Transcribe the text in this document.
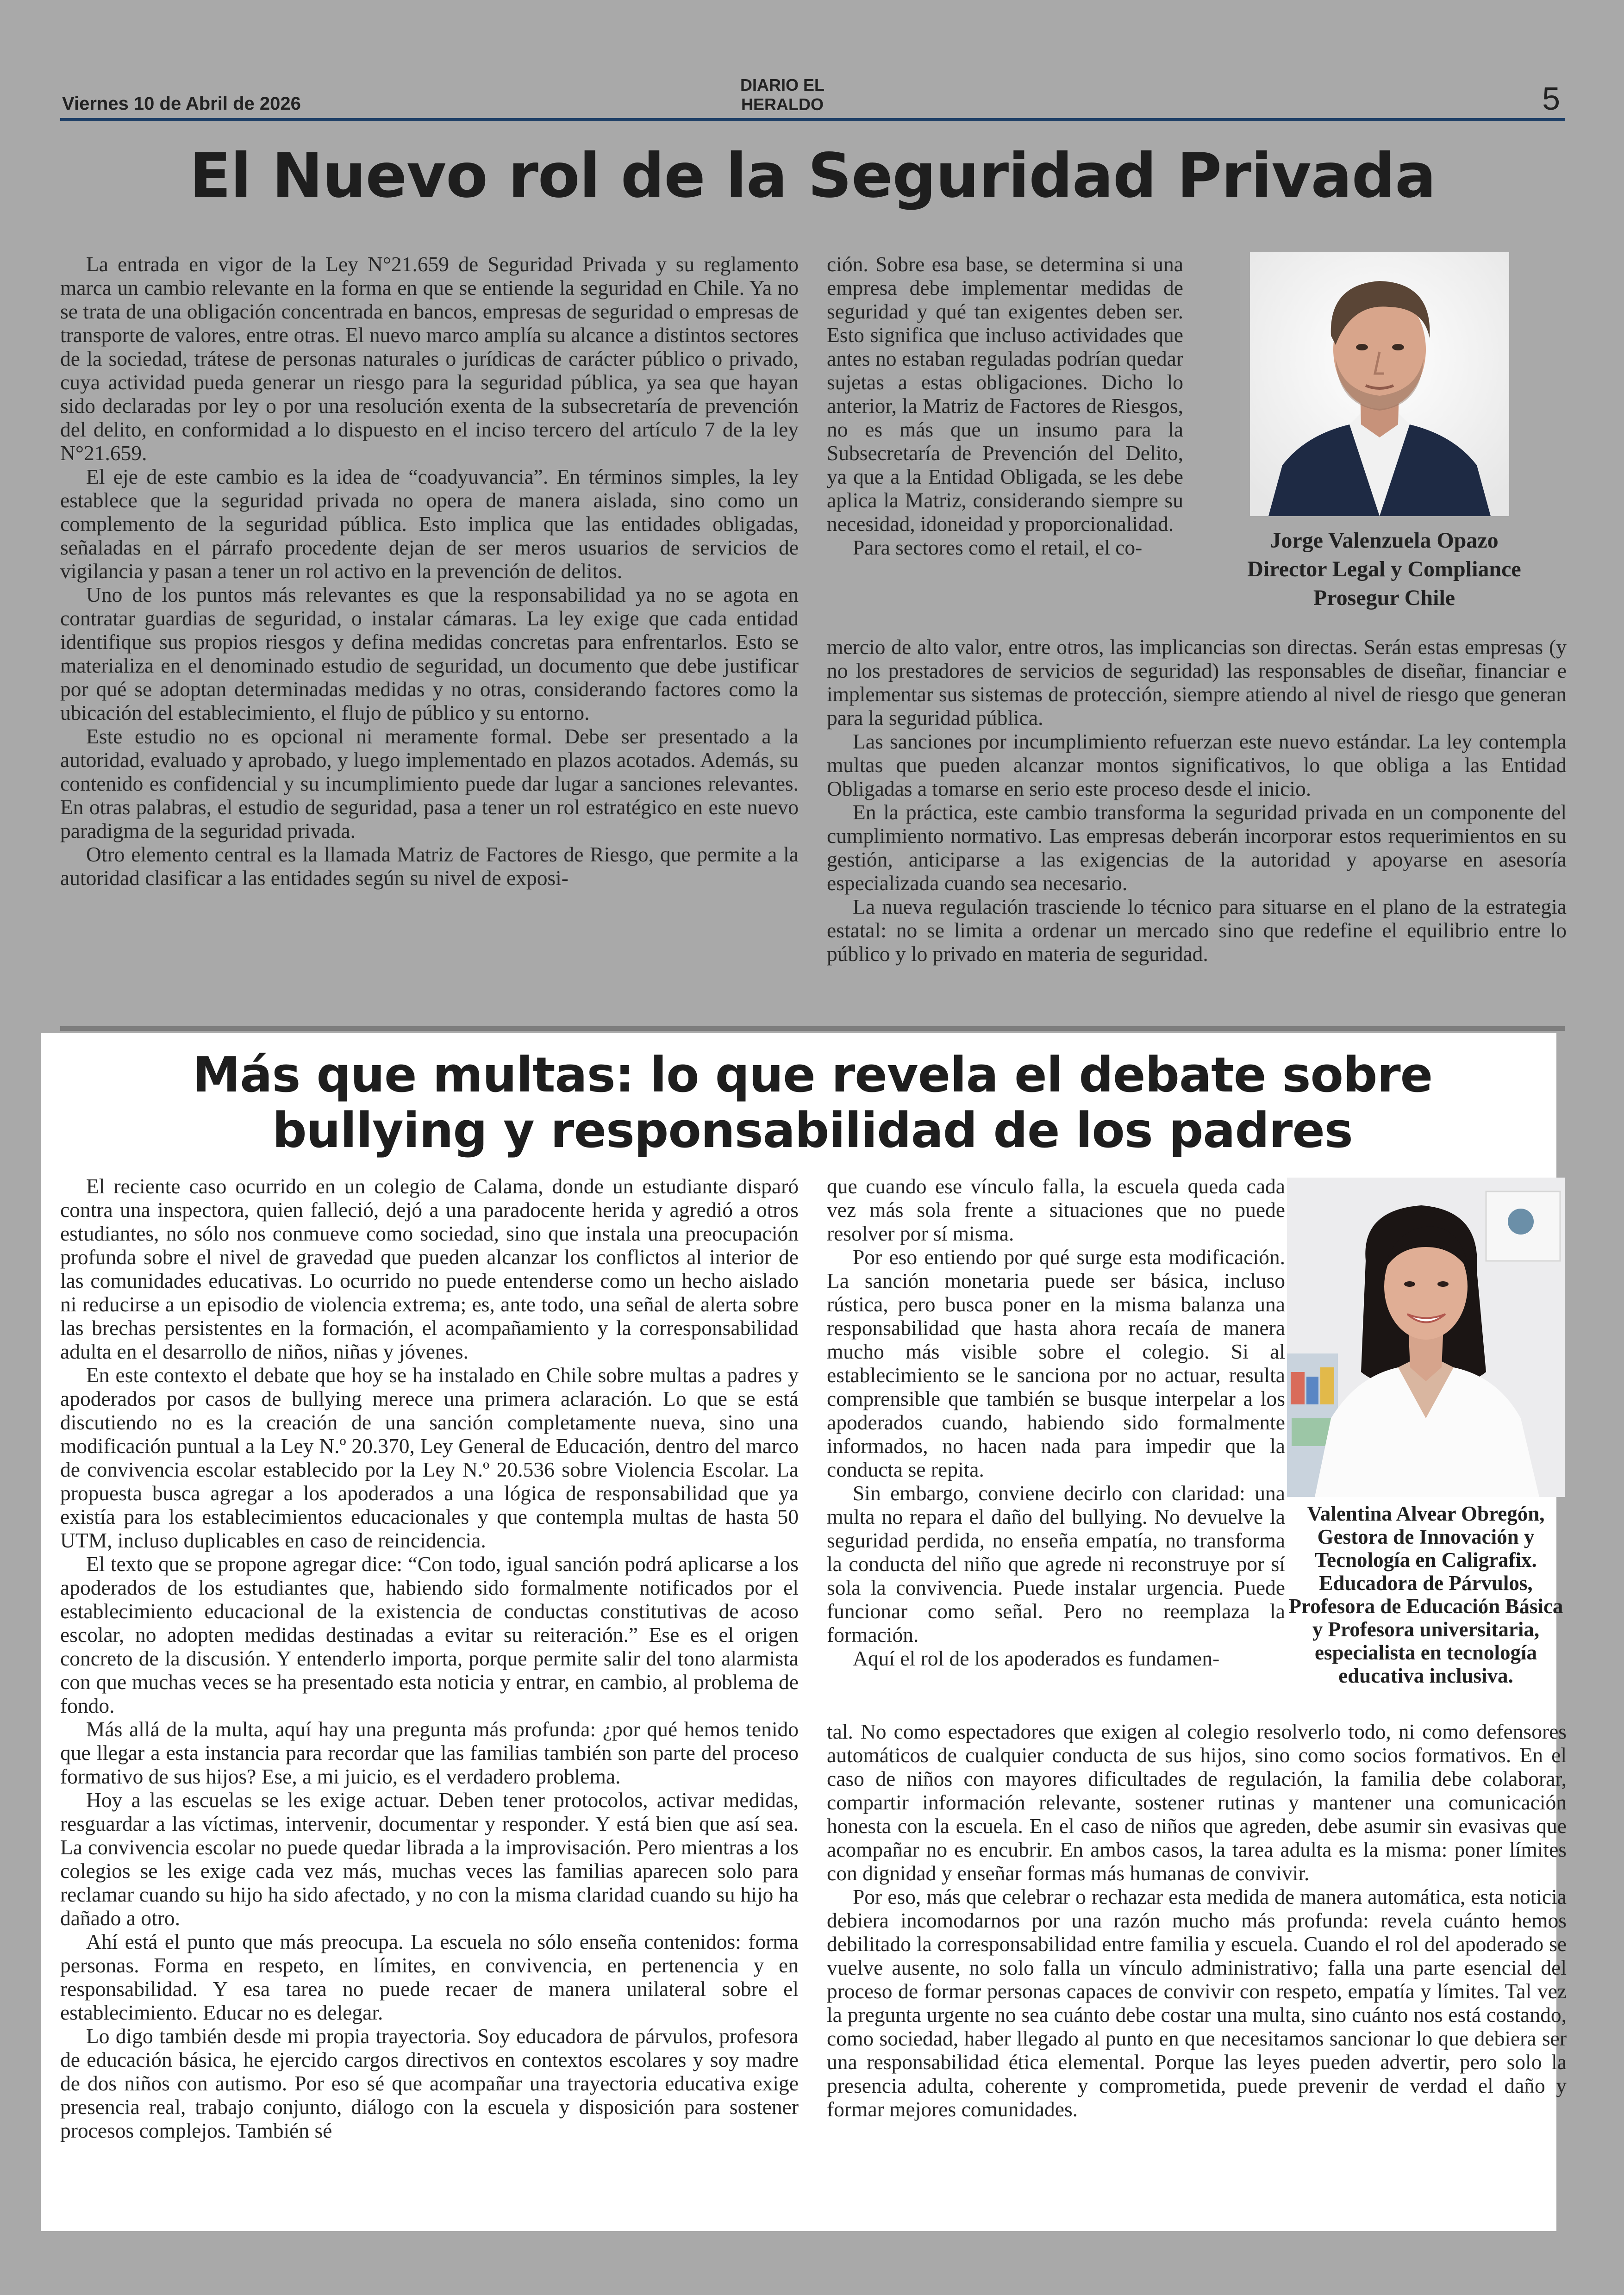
Viernes 10 de Abril de 2026
DIARIO EL HERALDO	5
El Nuevo rol de la Seguridad Privada

La entrada en vigor de la Ley N°21.659 de Seguridad Privada y su reglamento marca un cambio relevante en la forma en que se entiende la seguridad en Chile. Ya no se trata de una obligación concentrada en bancos, empresas de seguridad o empresas de transporte de valores, entre otras. El nuevo marco amplía su alcance a distintos sectores de la sociedad, trátese de personas naturales o jurídicas de carácter público o privado, cuya actividad pueda generar un riesgo para la seguridad pública, ya sea que hayan sido declaradas por ley o por una resolución exenta de la subsecretaría de prevención del delito, en conformidad a lo dispuesto en el inciso tercero del artículo 7 de la ley N°21.659.

El eje de este cambio es la idea de “coadyuvancia”. En términos simples, la ley establece que la seguridad privada no opera de manera aislada, sino como un complemento de la seguridad pública. Esto implica que las entidades obligadas, señaladas en el párrafo procedente dejan de ser meros usuarios de servicios de vigilancia y pasan a tener un rol activo en la prevención de delitos.

Uno de los puntos más relevantes es que la responsabilidad ya no se agota en contratar guardias de seguridad, o instalar cámaras. La ley exige que cada entidad identifique sus propios riesgos y defina medidas concretas para enfrentarlos. Esto se materializa en el denominado estudio de seguridad, un documento que debe justificar por qué se adoptan determinadas medidas y no otras, considerando factores como la ubicación del establecimiento, el flujo de público y su entorno.

Este estudio no es opcional ni meramente formal. Debe ser presentado a la autoridad, evaluado y aprobado, y luego implementado en plazos acotados. Además, su contenido es confidencial y su incumplimiento puede dar lugar a sanciones relevantes. En otras palabras, el estudio de seguridad, pasa a tener un rol estratégico en este nuevo paradigma de la seguridad privada.

Otro elemento central es la llamada Matriz de Factores de Riesgo, que permite a la autoridad clasificar a las entidades según su nivel de exposi-

ción. Sobre esa base, se determina si una empresa debe implementar medidas de seguridad y qué tan exigentes deben ser. Esto significa que incluso actividades que antes no estaban reguladas podrían quedar sujetas a estas obligaciones. Dicho lo anterior, la Matriz de Factores de Riesgos, no es más que un insumo para la Subsecretaría de Prevención del Delito, ya que a la Entidad Obligada, se les debe aplica la Matriz, considerando siempre su necesidad, idoneidad y proporcionalidad.

Para sectores como el retail, el co-	Jorge Valenzuela Opazo
Director Legal y Compliance
Prosegur Chile

mercio de alto valor, entre otros, las implicancias son directas. Serán estas empresas (y no los prestadores de servicios de seguridad) las responsables de diseñar, financiar e implementar sus sistemas de protección, siempre atiendo al nivel de riesgo que generan para la seguridad pública.

Las sanciones por incumplimiento refuerzan este nuevo estándar. La ley contempla multas que pueden alcanzar montos significativos, lo que obliga a las Entidad Obligadas a tomarse en serio este proceso desde el inicio.

En la práctica, este cambio transforma la seguridad privada en un componente del cumplimiento normativo. Las empresas deberán incorporar estos requerimientos en su gestión, anticiparse a las exigencias de la autoridad y apoyarse en asesoría especializada cuando sea necesario.

La nueva regulación trasciende lo técnico para situarse en el plano de la estrategia estatal: no se limita a ordenar un mercado sino que redefine el equilibrio entre lo público y lo privado en materia de seguridad.

Más que multas: lo que revela el debate sobre
bullying y responsabilidad de los padres

El reciente caso ocurrido en un colegio de Calama, donde un estudiante disparó contra una inspectora, quien falleció, dejó a una paradocente herida y agredió a otros estudiantes, no sólo nos conmueve como sociedad, sino que instala una preocupación profunda sobre el nivel de gravedad que pueden alcanzar los conflictos al interior de las comunidades educativas. Lo ocurrido no puede entenderse como un hecho aislado ni reducirse a un episodio de violencia extrema; es, ante todo, una señal de alerta sobre las brechas persistentes en la formación, el acompañamiento y la corresponsabilidad adulta en el desarrollo de niños, niñas y jóvenes.

En este contexto el debate que hoy se ha instalado en Chile sobre multas a padres y apoderados por casos de bullying merece una primera aclaración. Lo que se está discutiendo no es la creación de una sanción completamente nueva, sino una modificación puntual a la Ley N.º 20.370, Ley General de Educación, dentro del marco de convivencia escolar establecido por la Ley N.º 20.536 sobre Violencia Escolar. La propuesta busca agregar a los apoderados a una lógica de responsabilidad que ya existía para los establecimientos educacionales y que contempla multas de hasta 50 UTM, incluso duplicables en caso de reincidencia.

El texto que se propone agregar dice: “Con todo, igual sanción podrá aplicarse a los apoderados de los estudiantes que, habiendo sido formalmente notificados por el establecimiento educacional de la existencia de conductas constitutivas de acoso escolar, no adopten medidas destinadas a evitar su reiteración.” Ese es el origen concreto de la discusión. Y entenderlo importa, porque permite salir del tono alarmista con que muchas veces se ha presentado esta noticia y entrar, en cambio, al problema de fondo.

Más allá de la multa, aquí hay una pregunta más profunda: ¿por qué hemos tenido que llegar a esta instancia para recordar que las familias también son parte del proceso formativo de sus hijos? Ese, a mi juicio, es el verdadero problema.

Hoy a las escuelas se les exige actuar. Deben tener protocolos, activar medidas, resguardar a las víctimas, intervenir, documentar y responder. Y está bien que así sea. La convivencia escolar no puede quedar librada a la improvisación. Pero mientras a los colegios se les exige cada vez más, muchas veces las familias aparecen solo para reclamar cuando su hijo ha sido afectado, y no con la misma claridad cuando su hijo ha dañado a otro.

Ahí está el punto que más preocupa. La escuela no sólo enseña contenidos: forma personas. Forma en respeto, en límites, en convivencia, en pertenencia y en responsabilidad. Y esa tarea no puede recaer de manera unilateral sobre el establecimiento. Educar no es delegar.

Lo digo también desde mi propia trayectoria. Soy educadora de párvulos, profesora de educación básica, he ejercido cargos directivos en contextos escolares y soy madre de dos niños con autismo. Por eso sé que acompañar una trayectoria educativa exige presencia real, trabajo conjunto, diálogo con la escuela y disposición para sostener procesos complejos. También sé

que cuando ese vínculo falla, la escuela queda cada vez más sola frente a situaciones que no puede resolver por sí misma.

Por eso entiendo por qué surge esta modificación. La sanción monetaria puede ser básica, incluso rústica, pero busca poner en la misma balanza una responsabilidad que hasta ahora recaía de manera mucho más visible sobre el colegio. Si al establecimiento se le sanciona por no actuar, resulta comprensible que también se busque interpelar a los apoderados cuando, habiendo sido formalmente informados, no hacen nada para impedir que la conducta se repita.

Sin embargo, conviene decirlo con claridad: una multa no repara el daño del bullying. No devuelve la seguridad perdida, no enseña empatía, no transforma la conducta del niño que agrede ni reconstruye por sí sola la convivencia. Puede instalar urgencia. Puede funcionar como señal. Pero no reemplaza la formación.

Aquí el rol de los apoderados es fundamen-

Valentina Alvear Obregón, Gestora de Innovación y Tecnología en Caligrafix. Educadora de Párvulos, Profesora de Educación Básica y Profesora universitaria, especialista en tecnología educativa inclusiva.

tal. No como espectadores que exigen al colegio resolverlo todo, ni como defensores automáticos de cualquier conducta de sus hijos, sino como socios formativos. En el caso de niños con mayores dificultades de regulación, la familia debe colaborar, compartir información relevante, sostener rutinas y mantener una comunicación honesta con la escuela. En el caso de niños que agreden, debe asumir sin evasivas que acompañar no es encubrir. En ambos casos, la tarea adulta es la misma: poner límites con dignidad y enseñar formas más humanas de convivir.

Por eso, más que celebrar o rechazar esta medida de manera automática, esta noticia debiera incomodarnos por una razón mucho más profunda: revela cuánto hemos debilitado la corresponsabilidad entre familia y escuela. Cuando el rol del apoderado se vuelve ausente, no solo falla un vínculo administrativo; falla una parte esencial del proceso de formar personas capaces de convivir con respeto, empatía y límites. Tal vez la pregunta urgente no sea cuánto debe costar una multa, sino cuánto nos está costando, como sociedad, haber llegado al punto en que necesitamos sancionar lo que debiera ser una responsabilidad ética elemental. Porque las leyes pueden advertir, pero solo la presencia adulta, coherente y comprometida, puede prevenir de verdad el daño y formar mejores comunidades.
